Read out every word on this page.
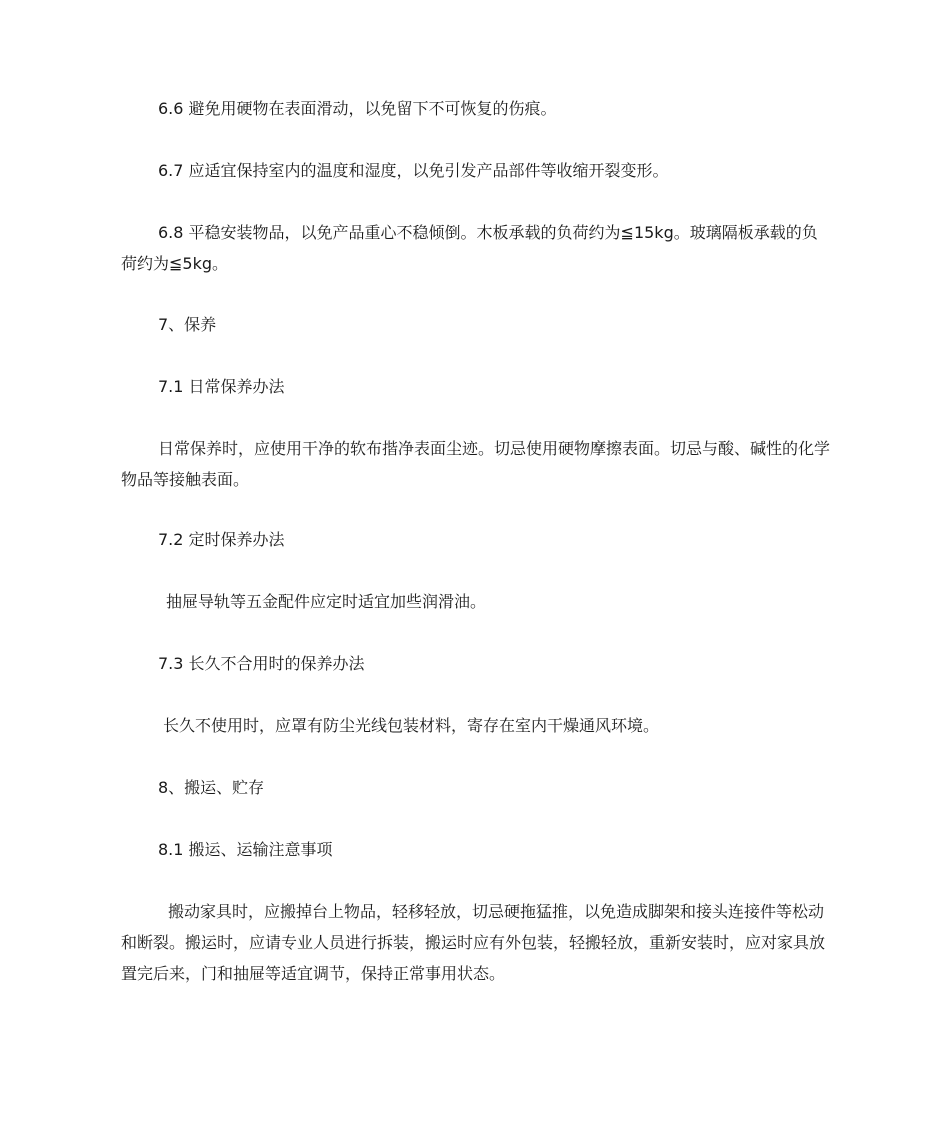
6.6 避免用硬物在表面滑动，以免留下不可恢复的伤痕。

6.7 应适宜保持室内的温度和湿度，以免引发产品部件等收缩开裂变形。

6.8 平稳安装物品，以免产品重心不稳倾倒。木板承载的负荷约为≦15kg。玻璃隔板承载的负荷约为≦5kg。

7、保养

7.1 日常保养办法

日常保养时，应使用干净的软布揩净表面尘迹。切忌使用硬物摩擦表面。切忌与酸、碱性的化学物品等接触表面。

7.2 定时保养办法

抽屉导轨等五金配件应定时适宜加些润滑油。

7.3 长久不合用时的保养办法

长久不使用时，应罩有防尘光线包装材料，寄存在室内干燥通风环境。

8、搬运、贮存

8.1 搬运、运输注意事项

搬动家具时，应搬掉台上物品，轻移轻放，切忌硬拖猛推，以免造成脚架和接头连接件等松动和断裂。搬运时，应请专业人员进行拆装，搬运时应有外包装，轻搬轻放，重新安装时，应对家具放置完后来，门和抽屉等适宜调节，保持正常事用状态。
